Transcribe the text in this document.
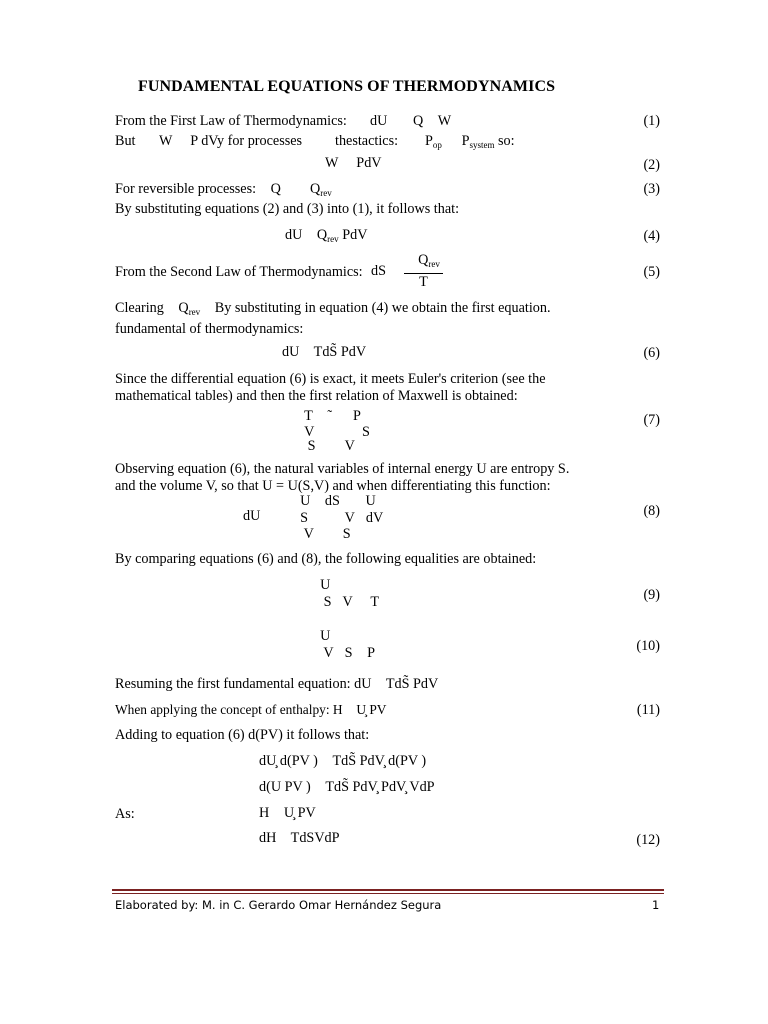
FUNDAMENTAL EQUATIONS OF THERMODYNAMICS
From the First Law of Thermodynamics: dU   Q  W	(1)
But  W   P dVy for processes thestactics: $P_{op}$   $P_{system}$ so:
 W   PdV	(2)
For reversible processes:  Q    $Q_{rev}$	(3)
By substituting equations (2) and (3) into (1), it follows that:
dU  $Q_{rev}$ PdV	(4)
From the Second Law of Thermodynamics: dS   $\frac{ Q_{rev}}{T}$	(5)
Clearing  $Q_{rev} $ By substituting in equation (4) we obtain the first equation.
fundamental of thermodynamics:
dU  TdS̃ PdV	(6)
Since the differential equation (6) is exact, it meets Euler's criterion (see the
mathematical tables) and then the first relation of Maxwell is obtained:
  T  ̃   P 
  V     S  
   S    V
(7)
Observing equation (6), the natural variables of internal energy U are entropy S.
and the volume V, so that U = U(S,V) and when differentiating this function:
dU 
  U  dS   U 
  S    V dV
   V    S
(8)
By comparing equations (6) and (8), the following equalities are obtained:
  U 
   S V   T	(9)
  U 
   V S  P	(10)
Resuming the first fundamental equation: dU  TdS̃ PdV
When applying the concept of enthalpy: H  U̧ PV	(11)
Adding to equation (6) d(PV) it follows that:
dU̧ d(PV )  TdS̃ PdV̧ d(PV )
d(U PV )  TdS̃ PdV̧ PdV̧ VdP
As:	H  U̧ PV
dH  TdSVdP	(12)
Elaborated by: M. in C. Gerardo Omar Hernández Segura	1
